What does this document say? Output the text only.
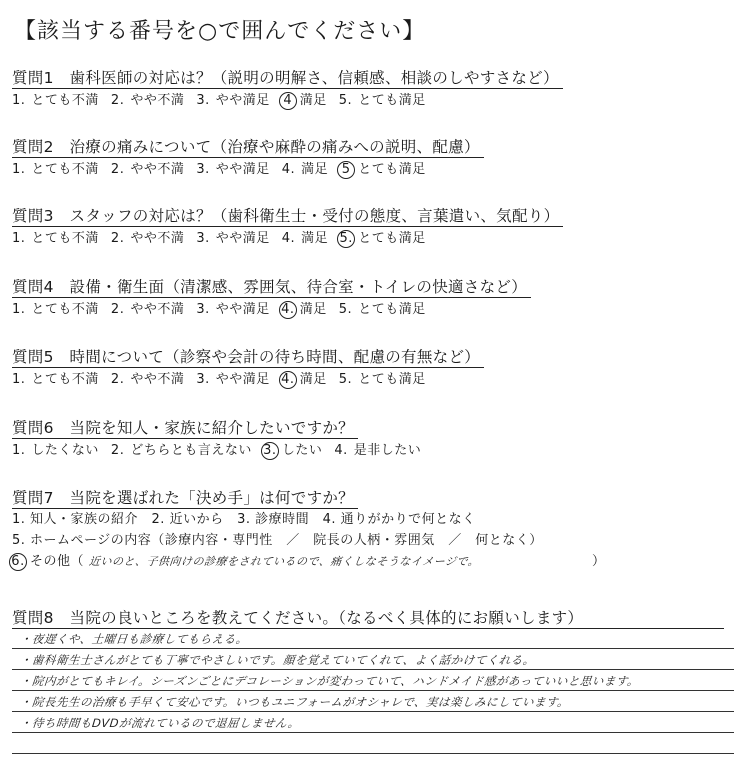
【該当する番号を○で囲んでください】
質問1　歯科医師の対応は？（説明の明解さ、信頼感、相談のしやすさなど）
1. とても不満 2. やや不満 3. やや満足 4 満足 5. とても満足
質問2　治療の痛みについて（治療や麻酔の痛みへの説明、配慮）
1. とても不満 2. やや不満 3. やや満足 4. 満足 5 とても満足
質問3　スタッフの対応は？（歯科衛生士・受付の態度、言葉遣い、気配り）
1. とても不満 2. やや不満 3. やや満足 4. 満足 5. とても満足
質問4　設備・衛生面（清潔感、雰囲気、待合室・トイレの快適さなど）
1. とても不満 2. やや不満 3. やや満足 4. 満足 5. とても満足
質問5　時間について（診察や会計の待ち時間、配慮の有無など）
1. とても不満 2. やや不満 3. やや満足 4. 満足 5. とても満足
質問6　当院を知人・家族に紹介したいですか？
1. したくない 2. どちらとも言えない 3. したい 4. 是非したい
質問7　当院を選ばれた「決め手」は何ですか？
1. 知人・家族の紹介　2. 近いから　3. 診療時間　4. 通りがかりで何となく
5. ホームページの内容（診療内容・専門性　／　院長の人柄・雰囲気　／　何となく）
6. その他（ 近いのと、子供向けの診療をされているので、痛くしなそうなイメージで。	）
質問8　当院の良いところを教えてください。（なるべく具体的にお願いします）
・夜遅くや、土曜日も診療してもらえる。
・歯科衛生士さんがとても丁寧でやさしいです。顔を覚えていてくれて、よく話かけてくれる。
・院内がとてもキレイ。シーズンごとにデコレーションが変わっていて、ハンドメイド感があっていいと思います。
・院長先生の治療も手早くて安心です。いつもユニフォームがオシャレで、実は楽しみにしています。
・待ち時間もDVDが流れているので退屈しません。
